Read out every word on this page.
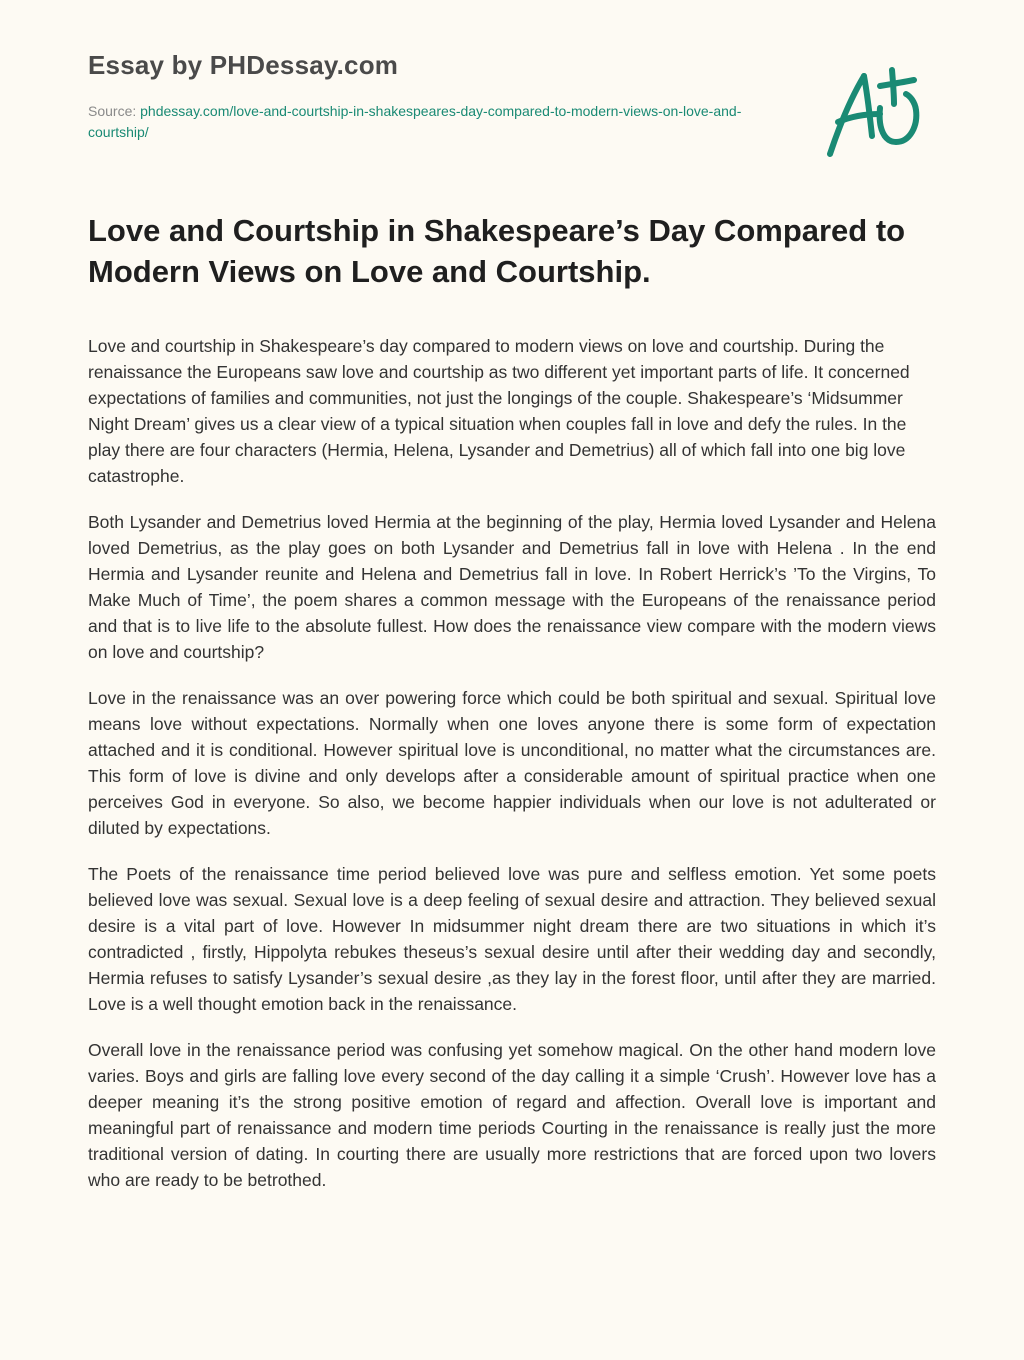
Essay by PHDessay.com
Source: phdessay.com/love-and-courtship-in-shakespeares-day-compared-to-modern-views-on-love-and-courtship/
Love and Courtship in Shakespeare’s Day Compared to Modern Views on Love and Courtship.

Love and courtship in Shakespeare’s day compared to modern views on love and courtship. During the renaissance the Europeans saw love and courtship as two different yet important parts of life. It concerned expectations of families and communities, not just the longings of the couple. Shakespeare’s ‘Midsummer Night Dream’ gives us a clear view of a typical situation when couples fall in love and defy the rules. In the play there are four characters (Hermia, Helena, Lysander and Demetrius) all of which fall into one big love catastrophe.

Both Lysander and Demetrius loved Hermia at the beginning of the play, Hermia loved Lysander and Helena loved Demetrius, as the play goes on both Lysander and Demetrius fall in love with Helena . In the end Hermia and Lysander reunite and Helena and Demetrius fall in love. In Robert Herrick’s ’To the Virgins, To Make Much of Time’, the poem shares a common message with the Europeans of the renaissance period and that is to live life to the absolute fullest. How does the renaissance view compare with the modern views on love and courtship?

Love in the renaissance was an over powering force which could be both spiritual and sexual. Spiritual love means love without expectations. Normally when one loves anyone there is some form of expectation attached and it is conditional. However spiritual love is unconditional, no matter what the circumstances are. This form of love is divine and only develops after a considerable amount of spiritual practice when one perceives God in everyone. So also, we become happier individuals when our love is not adulterated or diluted by expectations.

The Poets of the renaissance time period believed love was pure and selfless emotion. Yet some poets believed love was sexual. Sexual love is a deep feeling of sexual desire and attraction. They believed sexual desire is a vital part of love. However In midsummer night dream there are two situations in which it’s contradicted , firstly, Hippolyta rebukes theseus’s sexual desire until after their wedding day and secondly, Hermia refuses to satisfy Lysander’s sexual desire ,as they lay in the forest floor, until after they are married. Love is a well thought emotion back in the renaissance.

Overall love in the renaissance period was confusing yet somehow magical. On the other hand modern love varies. Boys and girls are falling love every second of the day calling it a simple ‘Crush’. However love has a deeper meaning it’s the strong positive emotion of regard and affection. Overall love is important and meaningful part of renaissance and modern time periods Courting in the renaissance is really just the more traditional version of dating. In courting there are usually more restrictions that are forced upon two lovers who are ready to be betrothed.
